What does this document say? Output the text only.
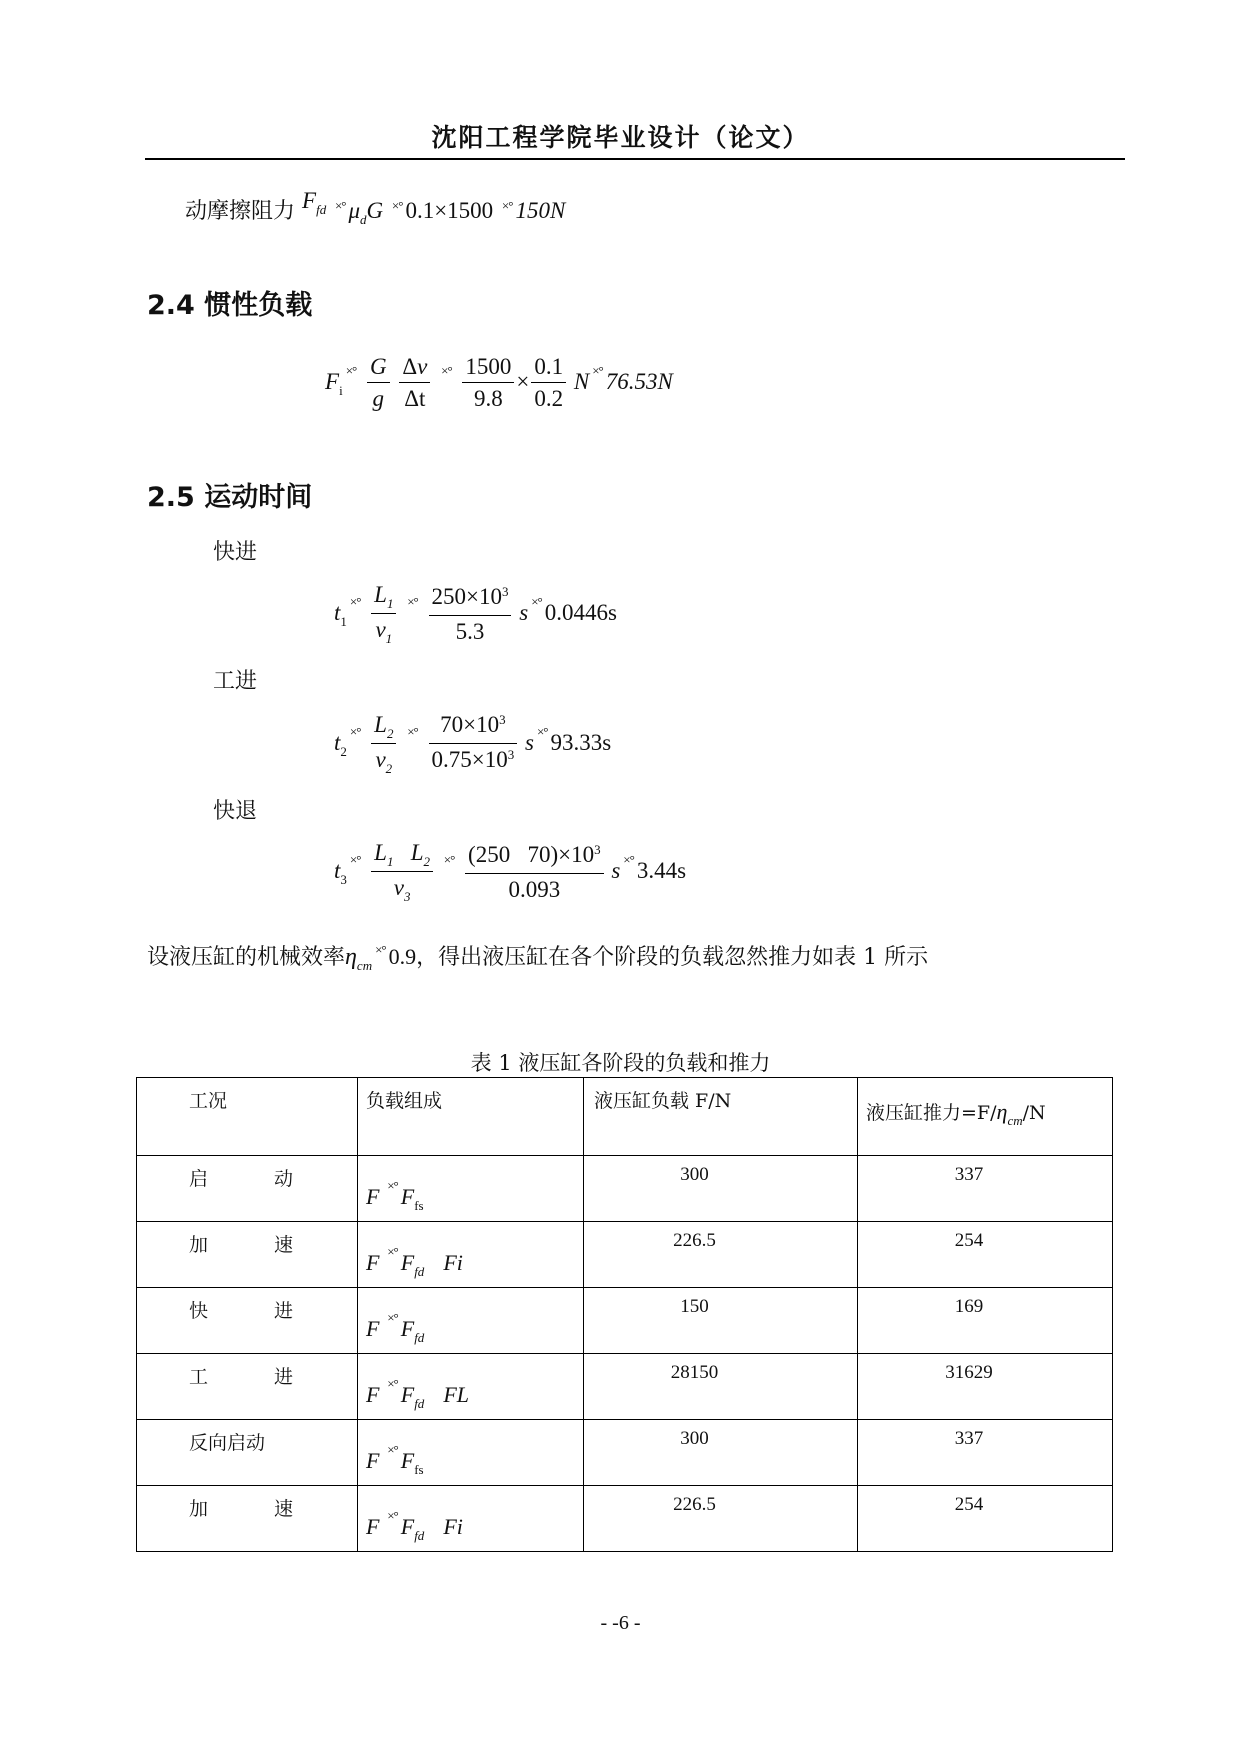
沈阳工程学院毕业设计（论文）
动摩擦阻力 $F_{fd}$ ×° $\mu_dG$ ×° 0.1×1500 ×° 150N
2.4 惯性负载
$F_i^{\times^\circ} \frac{G}{g}$
$\frac{\Delta v}{\Delta t} ^{\times^\circ} \frac{1500}{9.8} \times \frac{0.1}{0.2}$ N ×° 76.53N
2.5 运动时间
快进
$t_1^{\times^\circ} \frac{L_1}{v_1} ^{\times^\circ} \frac{250\times 10^3}{5.3}$ s ×° 0.0446s
工进
$t_2^{\times^\circ} \frac{L_2}{v_2} ^{\times^\circ} \frac{70\times 10^3}{0.75\times 10^3}$ s ×° 93.33s
快退
$t_3^{\times^\circ} \frac{L_1 L_2}{v_3} ^{\times^\circ} \frac{(250 70)\times 10^3}{0.093}$ s ×° 3.44s
设液压缸的机械效率$\eta_{cm}^{\times^\circ}$ 0.9，得出液压缸在各个阶段的负载忽然推力如表 1 所示
表 1 液压缸各阶段的负载和推力
工况	负载组成	液压缸负载 F/N	液压缸推力$=F/\eta_{cm}/N$
启 动	F ×° $F_{fs}$	300	337
加 速	F ×° $F_{fd}$ Fi	226.5	254
快 进	F ×° $F_{fd}$	150	169
工 进	F ×° $F_{fd}$ FL	28150	31629
反向启动	F ×° $F_{fs}$	300	337
加 速	F ×° $F_{fd}$ Fi	226.5	254
- -6 -
